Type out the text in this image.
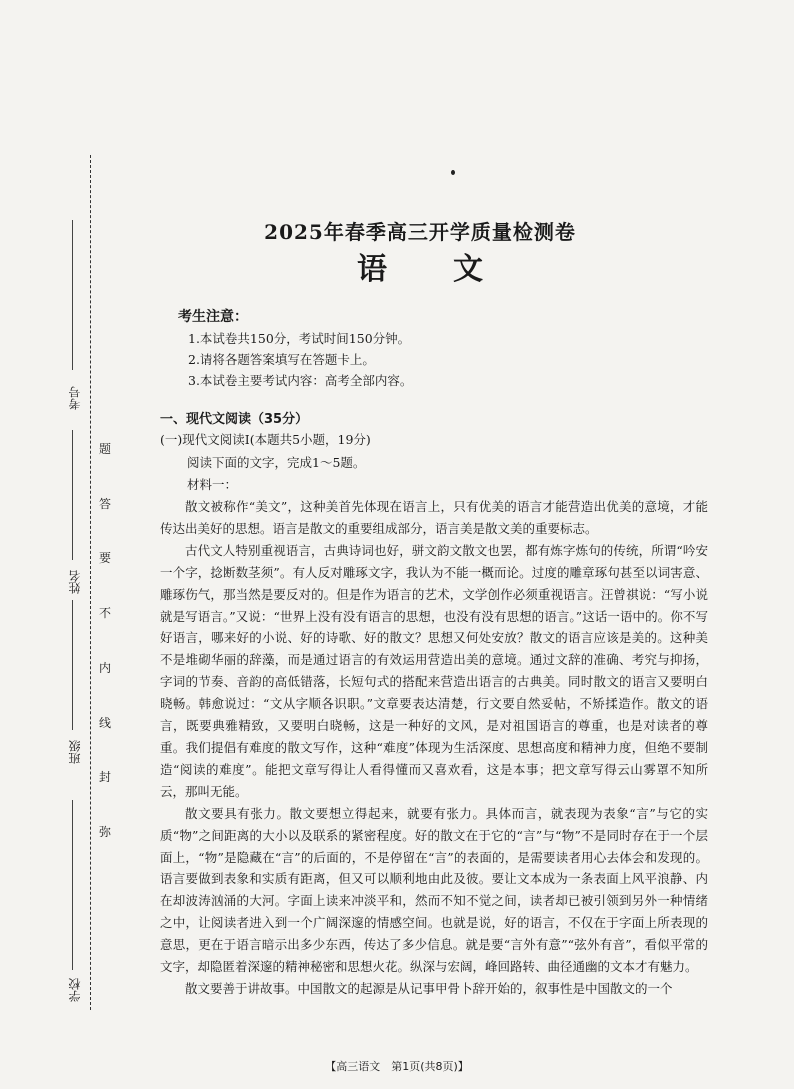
考号
姓名
班级
学校
题
答
要
不
内
线
封
弥
2025年春季高三开学质量检测卷
语文
考生注意：
1.本试卷共150分，考试时间150分钟。
2.请将各题答案填写在答题卡上。
3.本试卷主要考试内容：高考全部内容。
一、现代文阅读（35分）
(一)现代文阅读Ⅰ(本题共5小题，19分)
阅读下面的文字，完成1～5题。
材料一：

散文被称作“美文”，这种美首先体现在语言上，只有优美的语言才能营造出优美的意境，才能传达出美好的思想。语言是散文的重要组成部分，语言美是散文美的重要标志。

古代文人特别重视语言，古典诗词也好，骈文韵文散文也罢，都有炼字炼句的传统，所谓“吟安一个字，捻断数茎须”。有人反对雕琢文字，我认为不能一概而论。过度的雕章琢句甚至以词害意、雕琢伤气，那当然是要反对的。但是作为语言的艺术，文学创作必须重视语言。汪曾祺说：“写小说就是写语言。”又说：“世界上没有没有语言的思想，也没有没有思想的语言。”这话一语中的。你不写好语言，哪来好的小说、好的诗歌、好的散文？思想又何处安放？散文的语言应该是美的。这种美不是堆砌华丽的辞藻，而是通过语言的有效运用营造出美的意境。通过文辞的准确、考究与抑扬，字词的节奏、音韵的高低错落，长短句式的搭配来营造出语言的古典美。同时散文的语言又要明白晓畅。韩愈说过：“文从字顺各识职。”文章要表达清楚，行文要自然妥帖，不矫揉造作。散文的语言，既要典雅精致，又要明白晓畅，这是一种好的文风，是对祖国语言的尊重，也是对读者的尊重。我们提倡有难度的散文写作，这种“难度”体现为生活深度、思想高度和精神力度，但绝不要制造“阅读的难度”。能把文章写得让人看得懂而又喜欢看，这是本事；把文章写得云山雾罩不知所云，那叫无能。

散文要具有张力。散文要想立得起来，就要有张力。具体而言，就表现为表象“言”与它的实质“物”之间距离的大小以及联系的紧密程度。好的散文在于它的“言”与“物”不是同时存在于一个层面上，“物”是隐藏在“言”的后面的，不是停留在“言”的表面的，是需要读者用心去体会和发现的。语言要做到表象和实质有距离，但又可以顺利地由此及彼。要让文本成为一条表面上风平浪静、内在却波涛汹涌的大河。字面上读来冲淡平和，然而不知不觉之间，读者却已被引领到另外一种情绪之中，让阅读者进入到一个广阔深邃的情感空间。也就是说，好的语言，不仅在于字面上所表现的意思，更在于语言暗示出多少东西，传达了多少信息。就是要“言外有意”“弦外有音”，看似平常的文字，却隐匿着深邃的精神秘密和思想火花。纵深与宏阔，峰回路转、曲径通幽的文本才有魅力。

散文要善于讲故事。中国散文的起源是从记事甲骨卜辞开始的，叙事性是中国散文的一个

【高三语文　第1页(共8页)】
